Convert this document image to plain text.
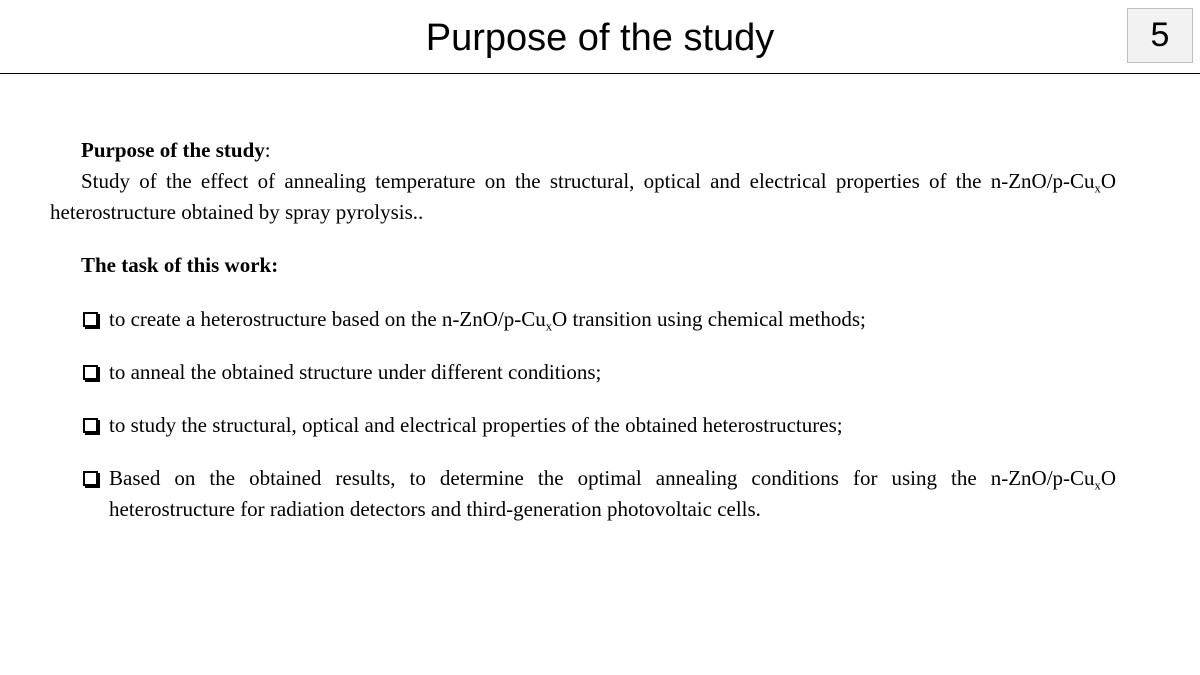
Purpose of the study	5

Purpose of the study:

Study of the effect of annealing temperature on the structural, optical and electrical properties of the $n-ZnO/p-Cu_xO$ heterostructure obtained by spray pyrolysis..

The task of this work:

to create a heterostructure based on the $n-ZnO/p-Cu_xO$ transition using chemical methods;
to anneal the obtained structure under different conditions;
to study the structural, optical and electrical properties of the obtained heterostructures;
Based on the obtained results, to determine the optimal annealing conditions for using the $n-ZnO/p-Cu_xO$ heterostructure for radiation detectors and third-generation photovoltaic cells.
